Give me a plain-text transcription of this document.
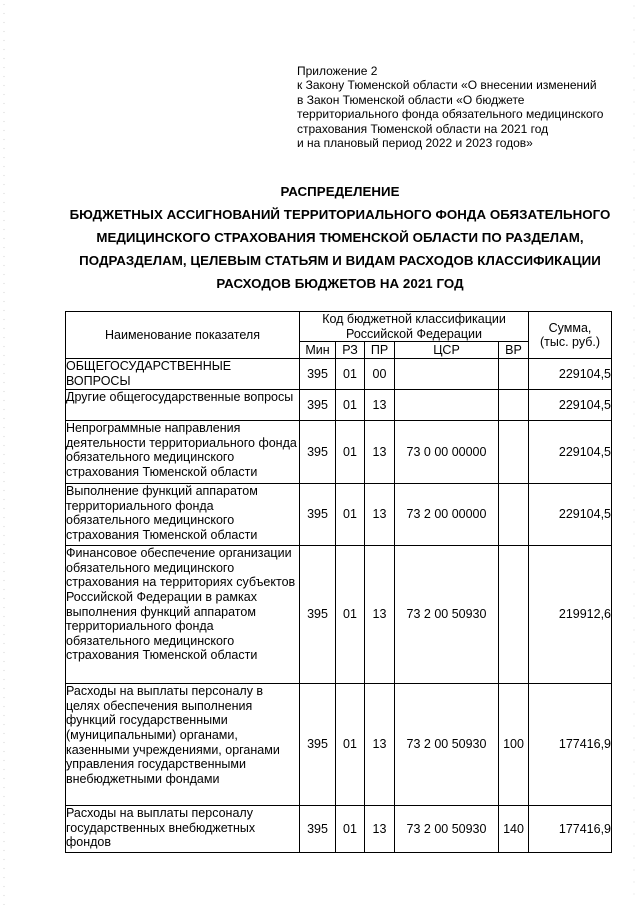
Приложение 2
к Закону Тюменской области «О внесении изменений
в Закон Тюменской области «О бюджете
территориального фонда обязательного медицинского
страхования Тюменской области на 2021 год
и на плановый период 2022 и 2023 годов»
РАСПРЕДЕЛЕНИЕ
БЮДЖЕТНЫХ АССИГНОВАНИЙ ТЕРРИТОРИАЛЬНОГО ФОНДА ОБЯЗАТЕЛЬНОГО
МЕДИЦИНСКОГО СТРАХОВАНИЯ ТЮМЕНСКОЙ ОБЛАСТИ ПО РАЗДЕЛАМ,
ПОДРАЗДЕЛАМ, ЦЕЛЕВЫМ СТАТЬЯМ И ВИДАМ РАСХОДОВ КЛАССИФИКАЦИИ
РАСХОДОВ БЮДЖЕТОВ НА 2021 ГОД
Наименование показателя	Код бюджетной классификации Российской Федерации					Сумма, (тыс. руб.)
	Мин	РЗ	ПР	ЦСР	ВР	
ОБЩЕГОСУДАРСТВЕННЫЕ ВОПРОСЫ	395	01	00			229104,5
Другие общегосударственные вопросы	395	01	13			229104,5
Непрограммные направления деятельности территориального фонда обязательного медицинского страхования Тюменской области	395	01	13	73 0 00 00000		229104,5
Выполнение функций аппаратом территориального фонда обязательного медицинского страхования Тюменской области	395	01	13	73 2 00 00000		229104,5
Финансовое обеспечение организации обязательного медицинского страхования на территориях субъектов Российской Федерации в рамках выполнения функций аппаратом территориального фонда обязательного медицинского страхования Тюменской области	395	01	13	73 2 00 50930		219912,6
Расходы на выплаты персоналу в целях обеспечения выполнения функций государственными (муниципальными) органами, казенными учреждениями, органами управления государственными внебюджетными фондами	395	01	13	73 2 00 50930	100	177416,9
Расходы на выплаты персоналу государственных внебюджетных фондов	395	01	13	73 2 00 50930	140	177416,9
